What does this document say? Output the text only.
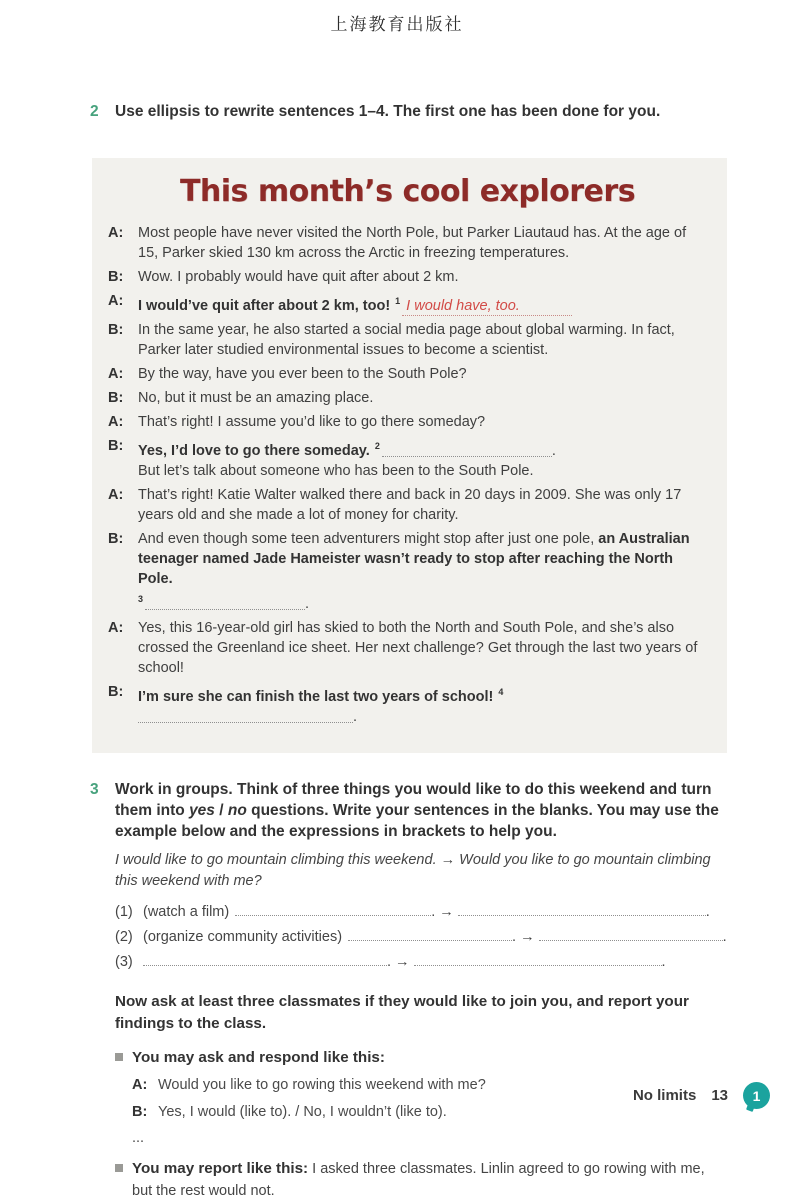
上海教育出版社
2	Use ellipsis to rewrite sentences 1–4. The first one has been done for you.
This month’s cool explorers
A:	Most people have never visited the North Pole, but Parker Liautaud has. At the age of 15, Parker skied 130 km across the Arctic in freezing temperatures.
B:	Wow. I probably would have quit after about 2 km.
A:	I would’ve quit after about 2 km, too! $^1$ I would have, too.
B:	In the same year, he also started a social media page about global warming. In fact, Parker later studied environmental issues to become a scientist.
A:	By the way, have you ever been to the South Pole?
B:	No, but it must be an amazing place.
A:	That’s right! I assume you’d like to go there someday?
B:	Yes, I’d love to go there someday. $^2$	.
But let’s talk about someone who has been to the South Pole.
A:	That’s right! Katie Walter walked there and back in 20 days in 2009. She was only 17 years old and she made a lot of money for charity.
B:	And even though some teen adventurers might stop after just one pole, an Australian teenager named Jade Hameister wasn’t ready to stop after reaching the North Pole.
$^3$	.
A:	Yes, this 16-year-old girl has skied to both the North and South Pole, and she’s also crossed the Greenland ice sheet. Her next challenge? Get through the last two years of school!
B:	I’m sure she can finish the last two years of school! $^4$.
3	Work in groups. Think of three things you would like to do this weekend and turn them into yes / no questions. Write your sentences in the blanks. You may use the example below and the expressions in brackets to help you.
I would like to go mountain climbing this weekend. → Would you like to go mountain climbing this weekend with me?
(1) (watch a film)	. →	.
(2) (organize community activities)	. →	.
(3)	. →	.
Now ask at least three classmates if they would like to join you, and report your findings to the class.
You may ask and respond like this:
A: Would you like to go rowing this weekend with me?
B: Yes, I would (like to). / No, I wouldn’t (like to).
...
You may report like this: I asked three classmates. Linlin agreed to go rowing with me, but the rest would not.
No limits 13	1
